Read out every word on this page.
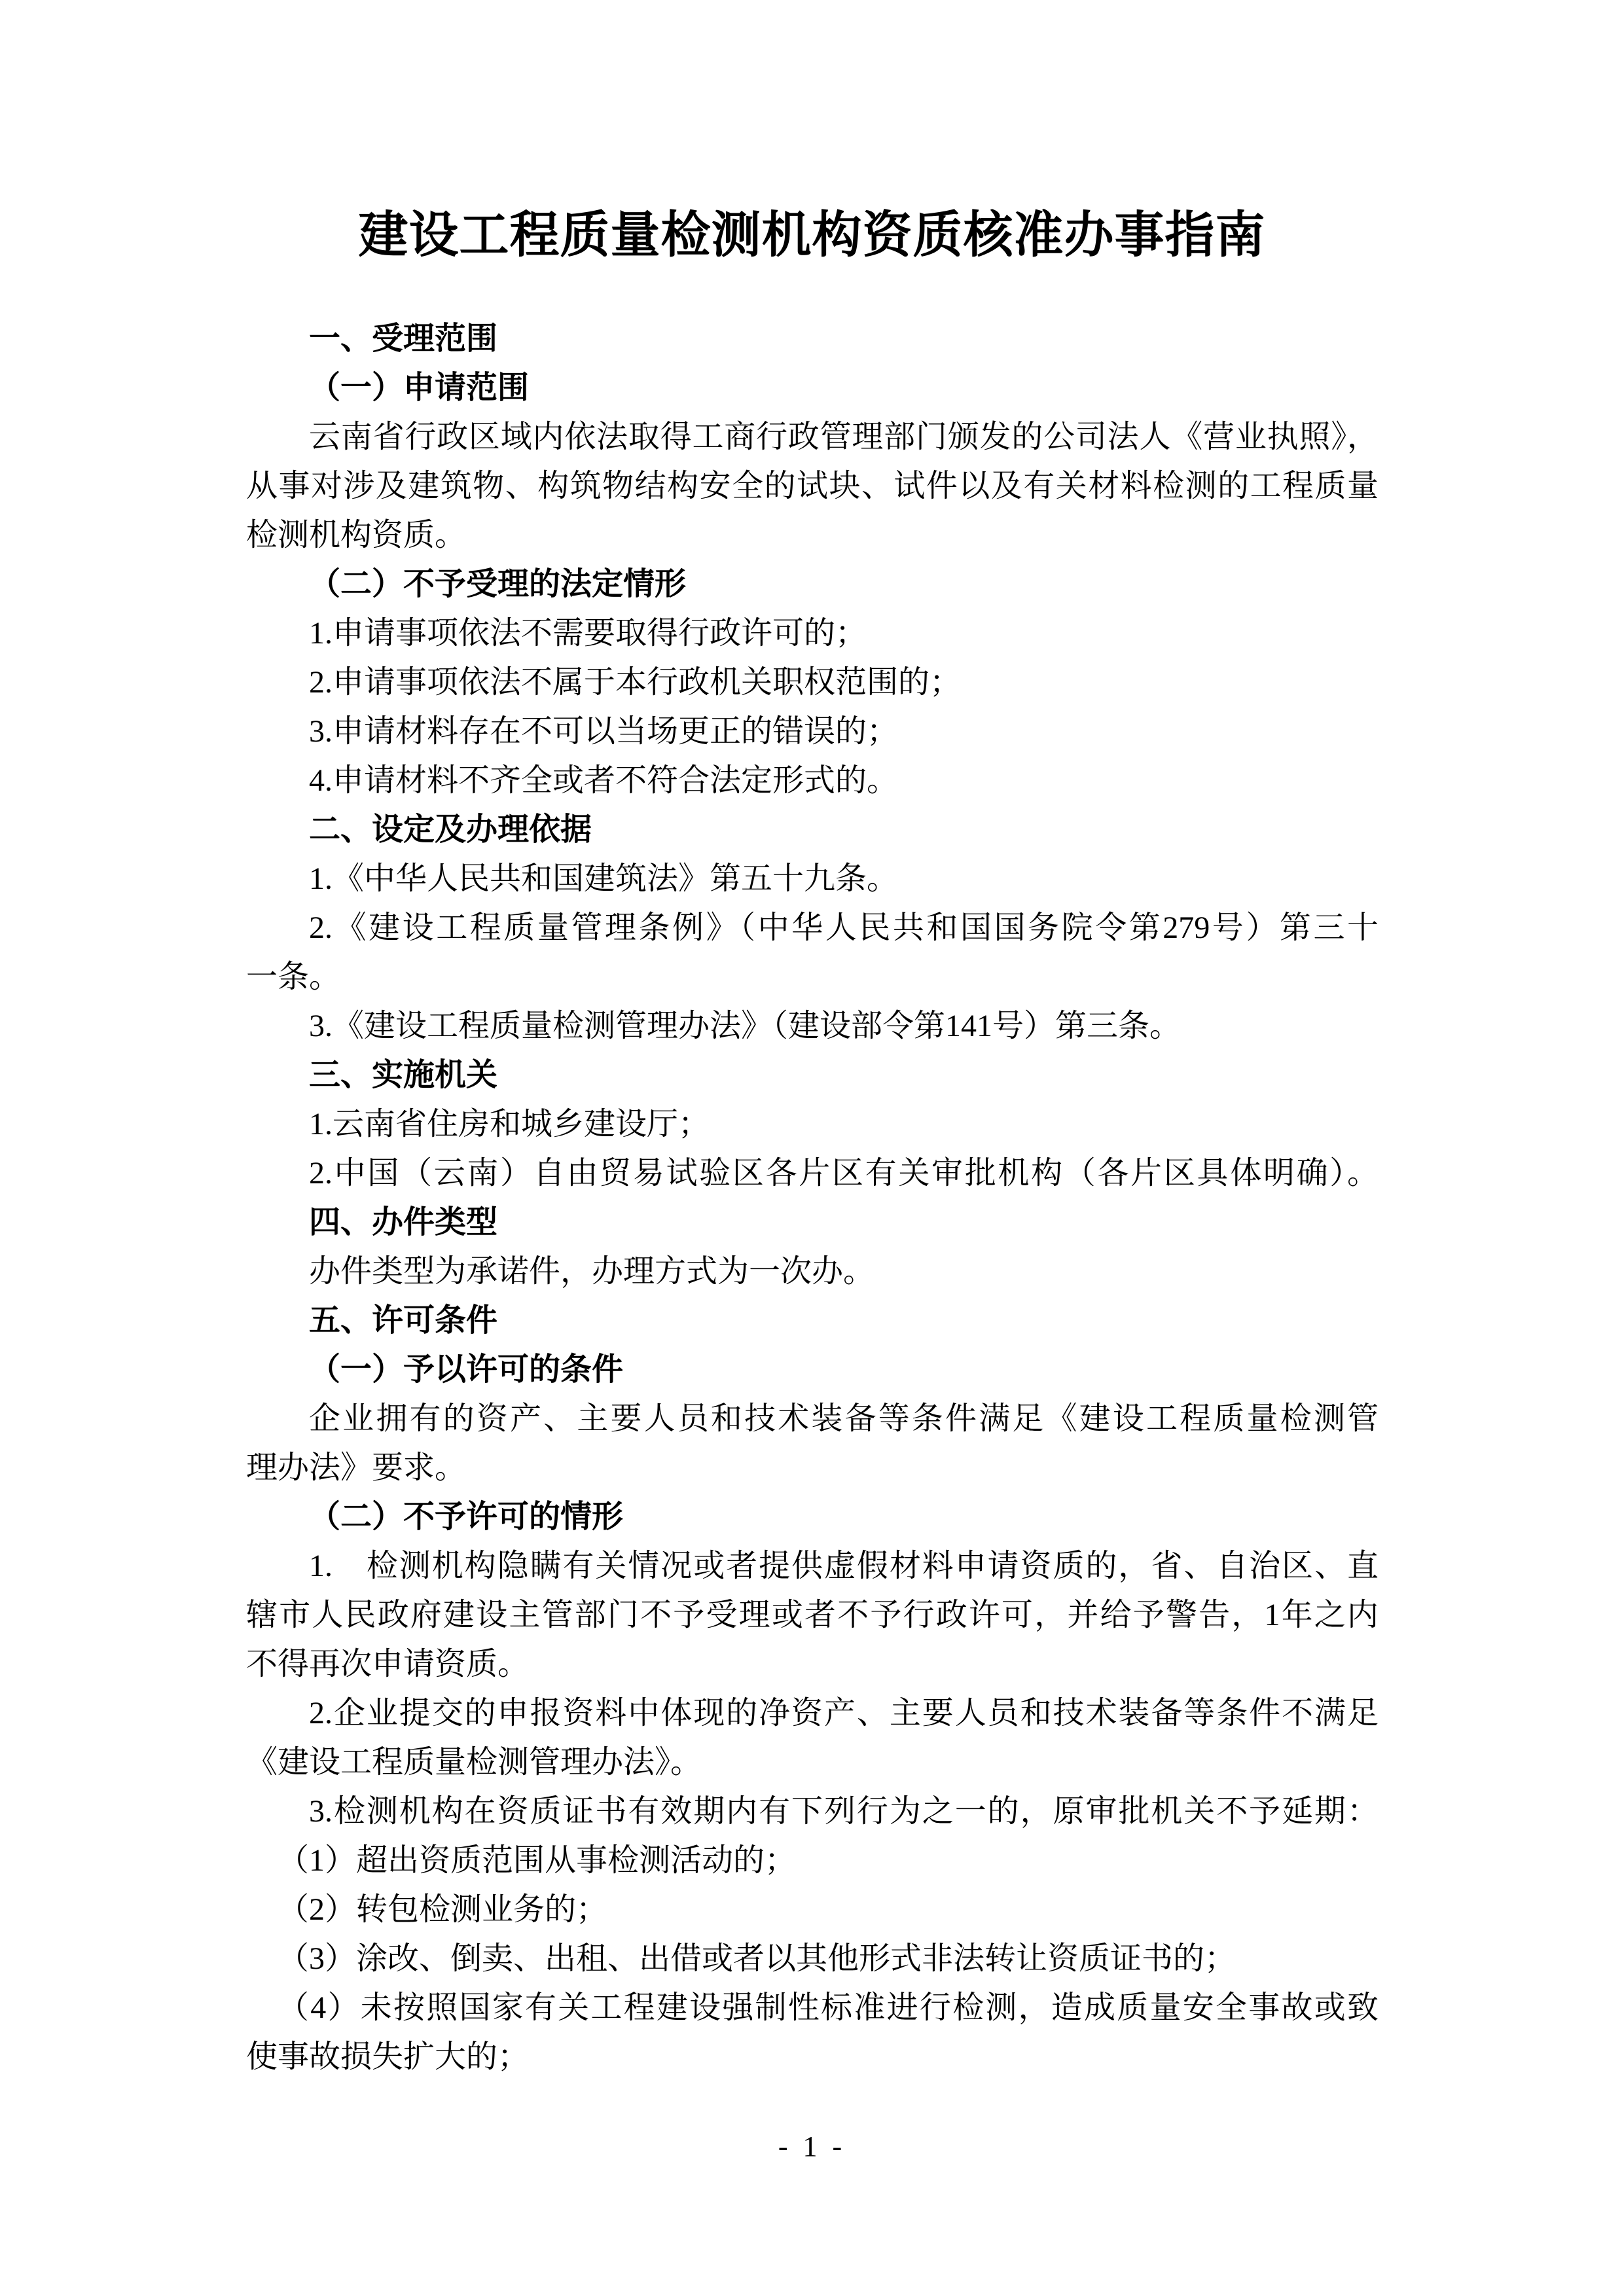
建设工程质量检测机构资质核准办事指南
一、受理范围
（一）申请范围
云南省行政区域内依法取得工商行政管理部门颁发的公司法人《营业执照》，
从事对涉及建筑物、构筑物结构安全的试块、试件以及有关材料检测的工程质量
检测机构资质。
（二）不予受理的法定情形
1.申请事项依法不需要取得行政许可的；
2.申请事项依法不属于本行政机关职权范围的；
3.申请材料存在不可以当场更正的错误的；
4.申请材料不齐全或者不符合法定形式的。
二、设定及办理依据
1.《中华人民共和国建筑法》第五十九条。
2.《建设工程质量管理条例》（中华人民共和国国务院令第279号）第三十
一条。
3.《建设工程质量检测管理办法》（建设部令第141号）第三条。
三、实施机关
1.云南省住房和城乡建设厅；
2.中国（云南）自由贸易试验区各片区有关审批机构（各片区具体明确）。
四、办件类型
办件类型为承诺件，办理方式为一次办。
五、许可条件
（一）予以许可的条件
企业拥有的资产、主要人员和技术装备等条件满足《建设工程质量检测管
理办法》要求。
（二）不予许可的情形
1.　检测机构隐瞒有关情况或者提供虚假材料申请资质的，省、自治区、直
辖市人民政府建设主管部门不予受理或者不予行政许可，并给予警告，1年之内
不得再次申请资质。
2.企业提交的申报资料中体现的净资产、主要人员和技术装备等条件不满足
《建设工程质量检测管理办法》。
3.检测机构在资质证书有效期内有下列行为之一的，原审批机关不予延期：
（1）超出资质范围从事检测活动的；
（2）转包检测业务的；
（3）涂改、倒卖、出租、出借或者以其他形式非法转让资质证书的；
（4）未按照国家有关工程建设强制性标准进行检测，造成质量安全事故或致
使事故损失扩大的；
- 1 -
